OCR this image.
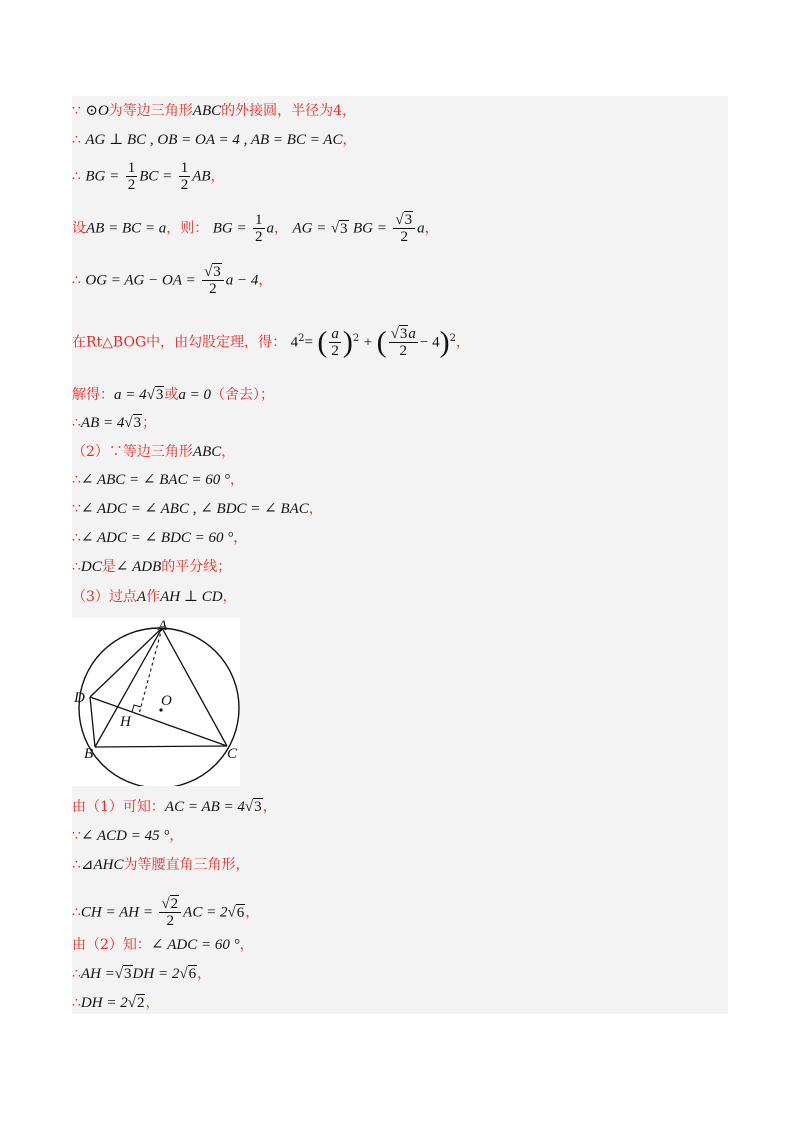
∵ ⊙O为等边三角形ABC的外接圆，半径为4，
∴ AG ⊥ BC , OB = OA = 4 , AB = BC = AC，
∴ BG = $\frac{1}{2}$ BC = $\frac{1}{2}$ AB，
设AB = BC = a，则： BG = $\frac{1}{2}$ a， AG = √3 BG = $\frac{√3}{2}$ a，
∴ OG = AG − OA = $\frac{√3}{2}$ a − 4，
在Rt△BOG中，由勾股定理，得： $4^2=$ ( $\frac{a}{2} )^2$ + ( $\frac{√3a}{2} - 4)^2$，
解得：a = 4√3或a = 0（舍去）；
∴AB = 4√3；
（2）∵等边三角形ABC，
∴∠ ABC = ∠ BAC = 60 °，
∵∠ ADC = ∠ ABC , ∠ BDC = ∠ BAC，
∴∠ ADC = ∠ BDC = 60 °，
∴DC是∠ ADB的平分线；
（3）过点A作AH ⊥ CD，
A
D	O
H
B	C
由（1）可知：AC = AB = 4√3，
∵∠ ACD = 45 °，
∴⊿AHC为等腰直角三角形，
∴CH = AH = $\frac{√2}{2}$ AC = 2√6，
由（2）知：∠ ADC = 60 °，
∴AH =√3DH = 2√6，
∴DH = 2√2，
